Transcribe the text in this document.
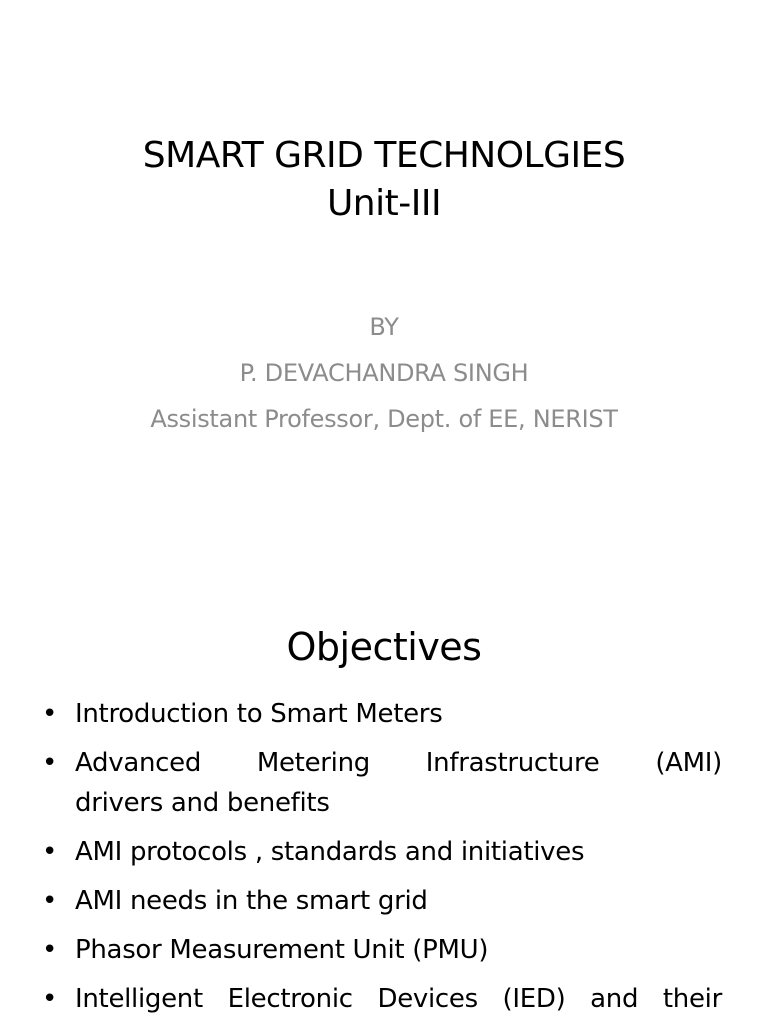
SMART GRID TECHNOLGIES
Unit-III
BY
P. DEVACHANDRA SINGH
Assistant Professor, Dept. of EE, NERIST
Objectives
• Introduction to Smart Meters
• Advanced Metering Infrastructure (AMI)
drivers and benefits
• AMI protocols , standards and initiatives
• AMI needs in the smart grid
• Phasor Measurement Unit (PMU)
• Intelligent Electronic Devices (IED) and their
